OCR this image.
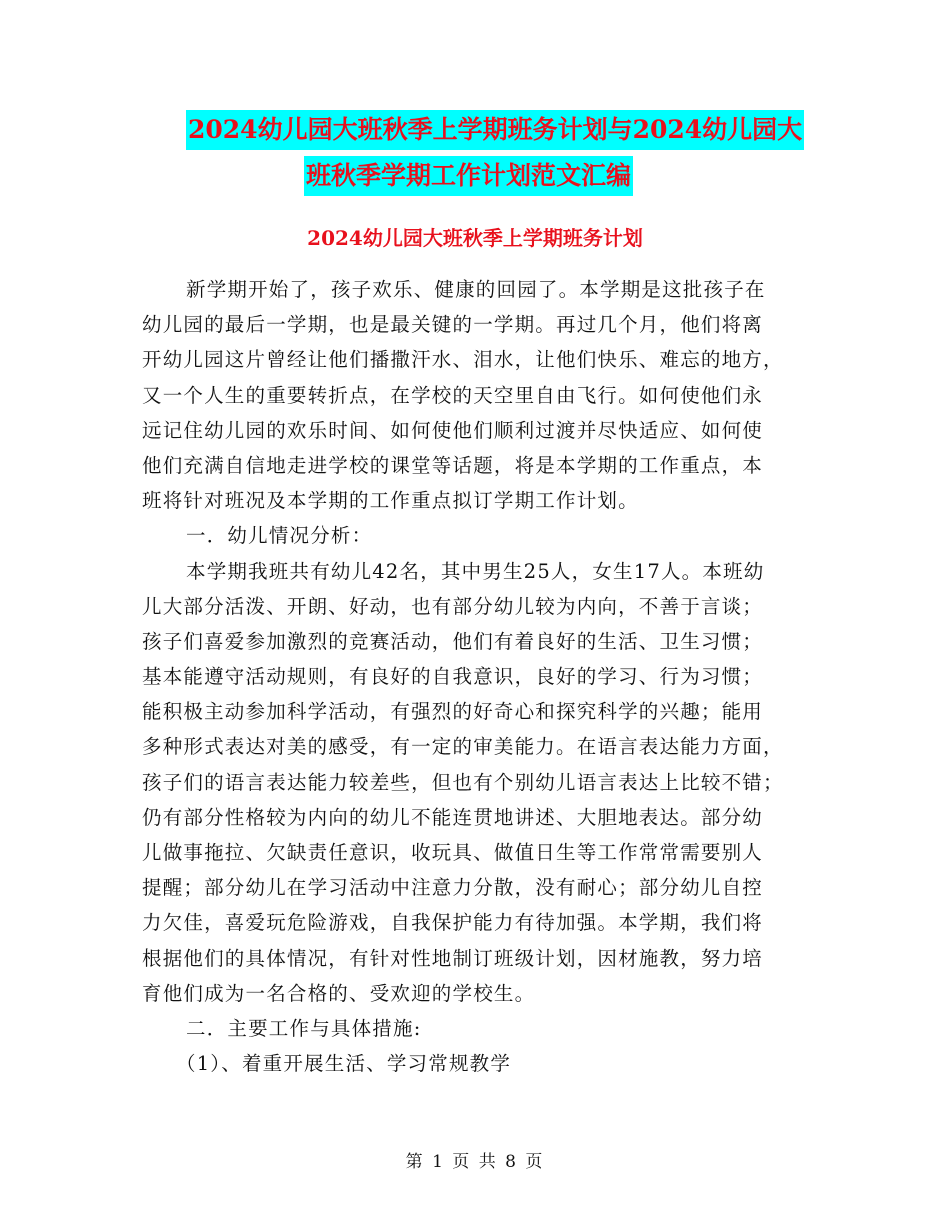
2024幼儿园大班秋季上学期班务计划与2024幼儿园大
班秋季学期工作计划范文汇编
2024幼儿园大班秋季上学期班务计划
新学期开始了，孩子欢乐、健康的回园了。本学期是这批孩子在
幼儿园的最后一学期，也是最关键的一学期。再过几个月，他们将离
开幼儿园这片曾经让他们播撒汗水、泪水，让他们快乐、难忘的地方，
又一个人生的重要转折点，在学校的天空里自由飞行。如何使他们永
远记住幼儿园的欢乐时间、如何使他们顺利过渡并尽快适应、如何使
他们充满自信地走进学校的课堂等话题，将是本学期的工作重点，本
班将针对班况及本学期的工作重点拟订学期工作计划。
一．幼儿情况分析：
本学期我班共有幼儿42名，其中男生25人，女生17人。本班幼
儿大部分活泼、开朗、好动，也有部分幼儿较为内向，不善于言谈；
孩子们喜爱参加激烈的竞赛活动，他们有着良好的生活、卫生习惯；
基本能遵守活动规则，有良好的自我意识，良好的学习、行为习惯；
能积极主动参加科学活动，有强烈的好奇心和探究科学的兴趣；能用
多种形式表达对美的感受，有一定的审美能力。在语言表达能力方面，
孩子们的语言表达能力较差些，但也有个别幼儿语言表达上比较不错；
仍有部分性格较为内向的幼儿不能连贯地讲述、大胆地表达。部分幼
儿做事拖拉、欠缺责任意识，收玩具、做值日生等工作常常需要别人
提醒；部分幼儿在学习活动中注意力分散，没有耐心；部分幼儿自控
力欠佳，喜爱玩危险游戏，自我保护能力有待加强。本学期，我们将
根据他们的具体情况，有针对性地制订班级计划，因材施教，努力培
育他们成为一名合格的、受欢迎的学校生。
二．主要工作与具体措施:
（1）、着重开展生活、学习常规教学
第 1 页 共 8 页
